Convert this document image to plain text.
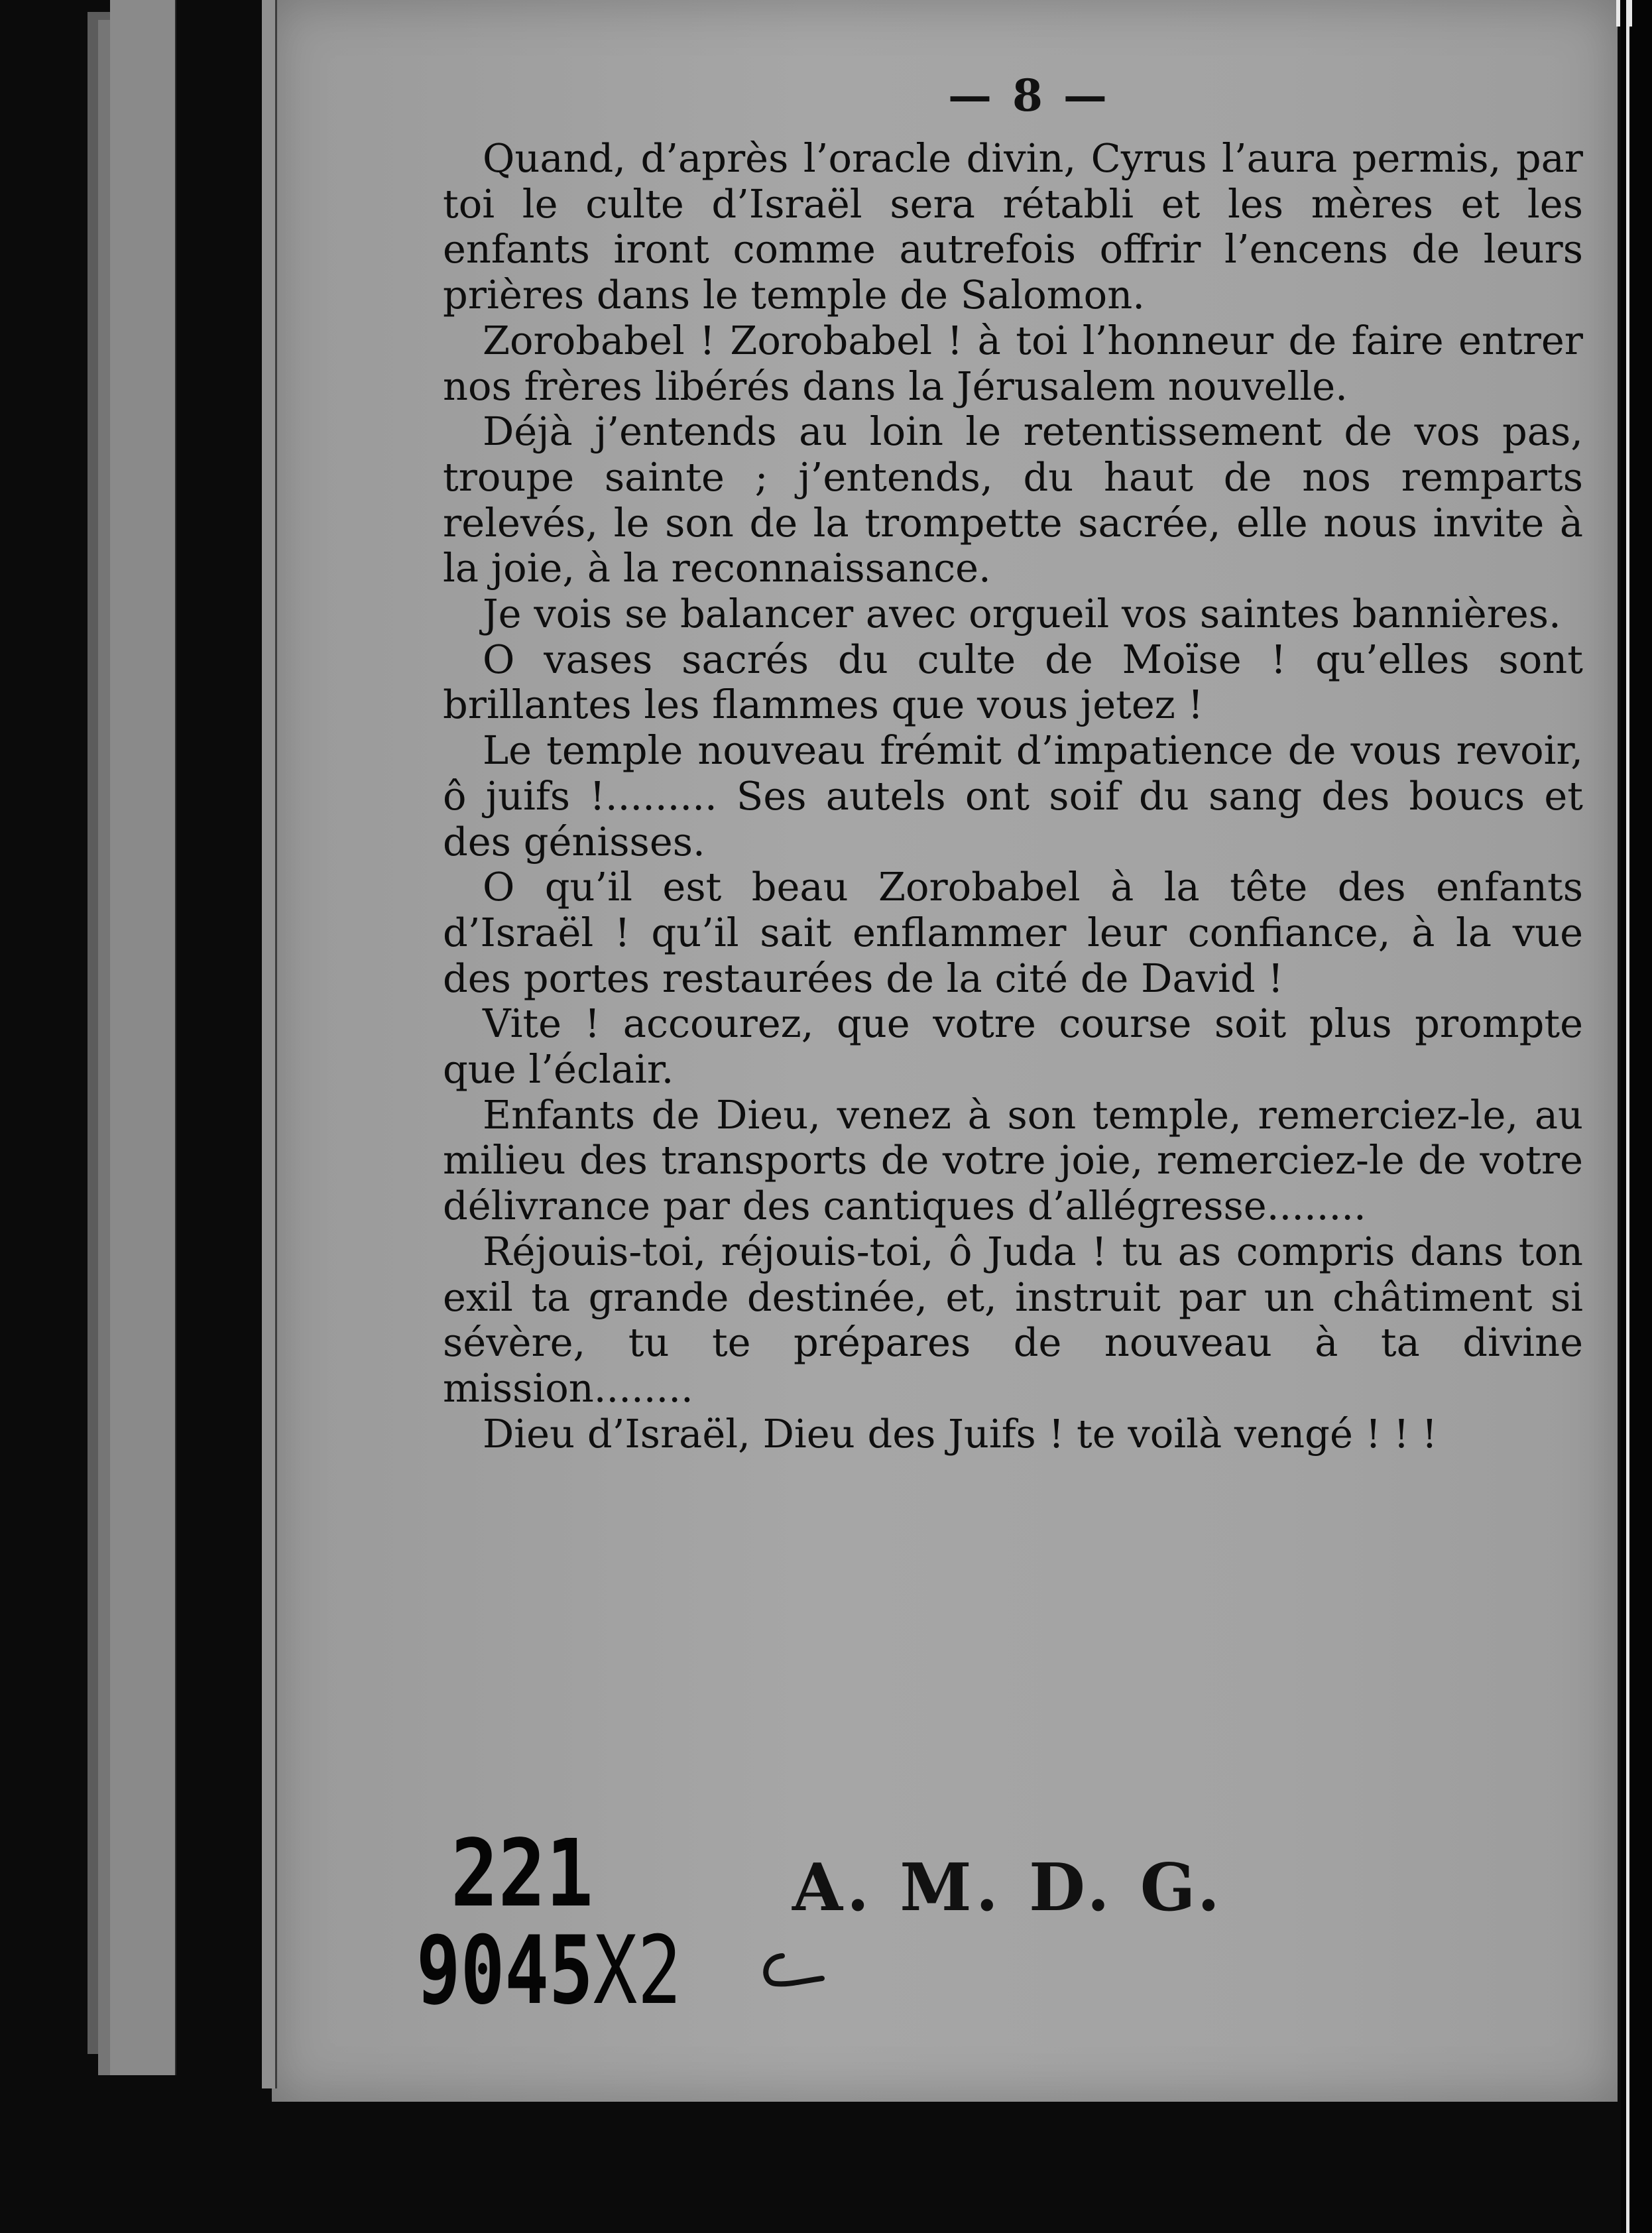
— 8 —

Quand, d’après l’oracle divin, Cyrus l’aura permis, par toi le culte d’Israël sera rétabli et les mères et les enfants iront comme autrefois offrir l’encens de leurs prières dans le temple de Salomon.

Zorobabel ! Zorobabel ! à toi l’honneur de faire entrer nos frères libérés dans la Jérusalem nouvelle.

Déjà j’entends au loin le retentissement de vos pas, troupe sainte ; j’entends, du haut de nos remparts relevés, le son de la trompette sacrée, elle nous invite à la joie, à la reconnaissance.

Je vois se balancer avec orgueil vos saintes bannières.

O vases sacrés du culte de Moïse ! qu’elles sont brillantes les flammes que vous jetez !

Le temple nouveau frémit d’impatience de vous revoir, ô juifs !......... Ses autels ont soif du sang des boucs et des génisses.

O qu’il est beau Zorobabel à la tête des enfants d’Israël ! qu’il sait enflammer leur confiance, à la vue des portes restaurées de la cité de David !

Vite ! accourez, que votre course soit plus prompte que l’éclair.

Enfants de Dieu, venez à son temple, remerciez-le, au milieu des transports de votre joie, remerciez-le de votre délivrance par des cantiques d’allégresse........

Réjouis-toi, réjouis-toi, ô Juda ! tu as compris dans ton exil ta grande destinée, et, instruit par un châtiment si sévère, tu te prépares de nouveau à ta divine mission........

Dieu d’Israël, Dieu des Juifs ! te voilà vengé ! ! !

221
9045X2
A. M. D. G.
